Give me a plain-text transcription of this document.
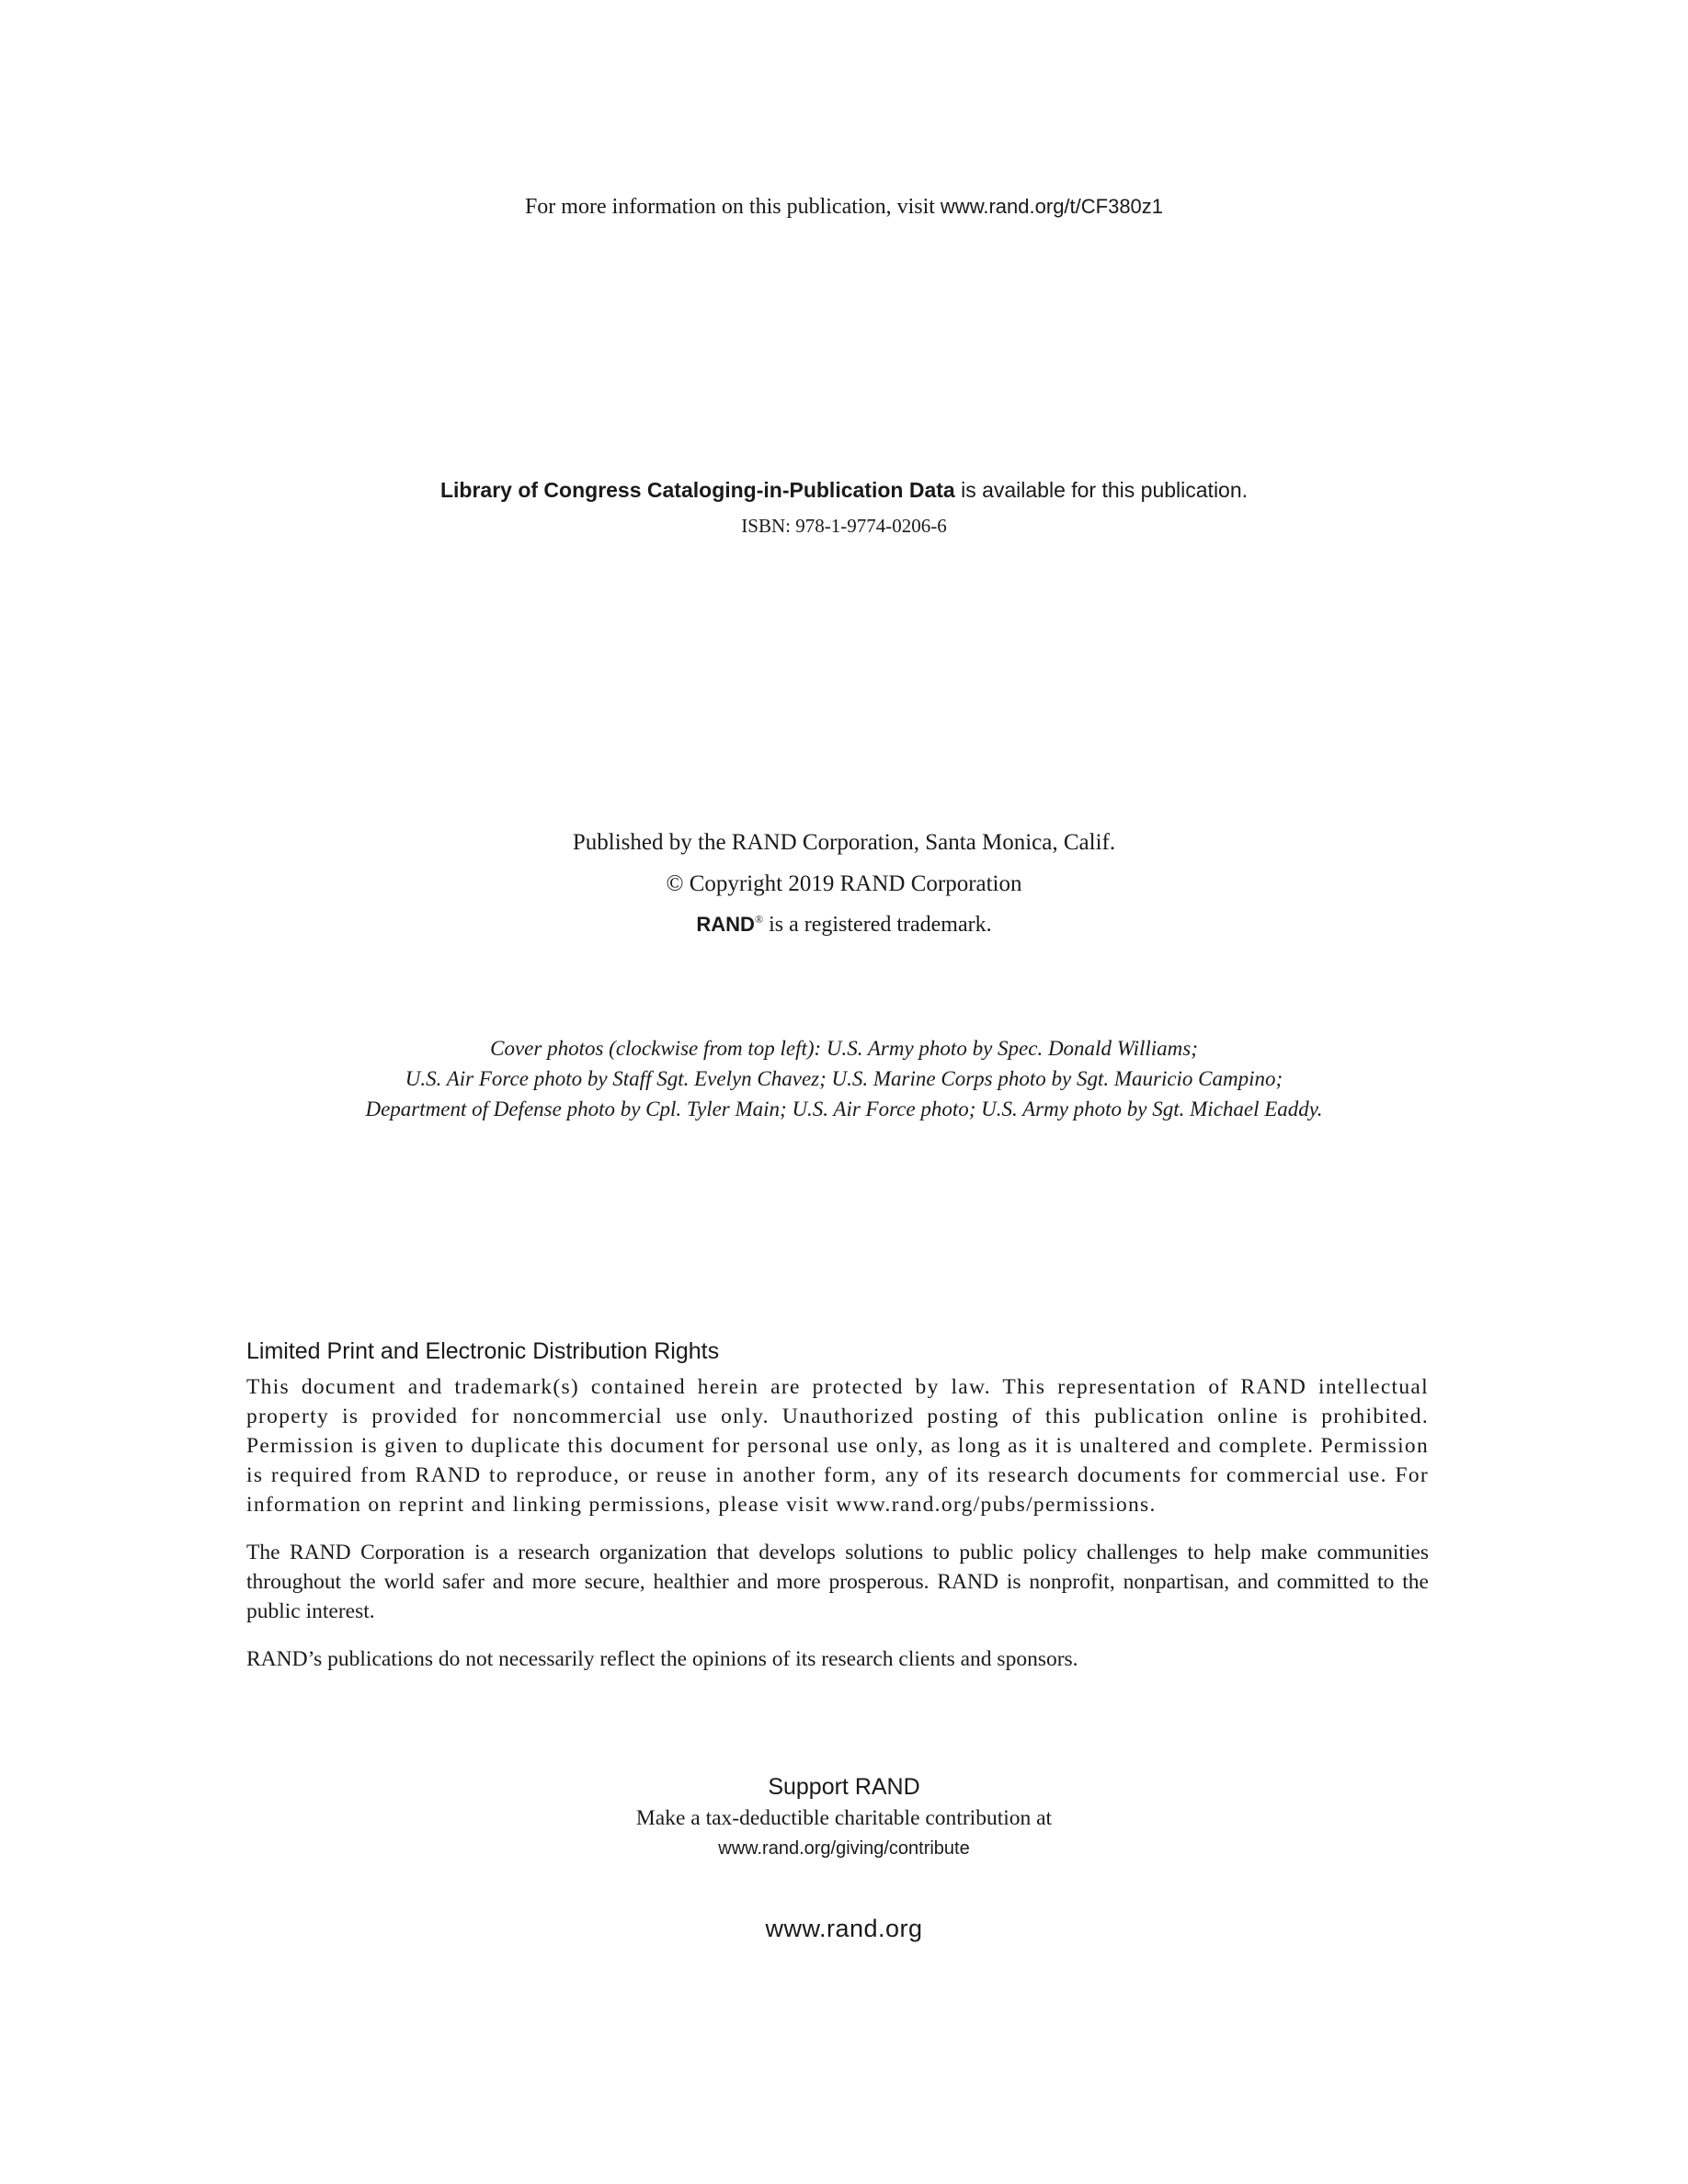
For more information on this publication, visit www.rand.org/t/CF380z1
Library of Congress Cataloging-in-Publication Data is available for this publication.
ISBN: 978-1-9774-0206-6
Published by the RAND Corporation, Santa Monica, Calif.
© Copyright 2019 RAND Corporation
RAND® is a registered trademark.
Cover photos (clockwise from top left): U.S. Army photo by Spec. Donald Williams;
U.S. Air Force photo by Staff Sgt. Evelyn Chavez; U.S. Marine Corps photo by Sgt. Mauricio Campino;
Department of Defense photo by Cpl. Tyler Main; U.S. Air Force photo; U.S. Army photo by Sgt. Michael Eaddy.
Limited Print and Electronic Distribution Rights

This document and trademark(s) contained herein are protected by law. This representation of RAND intellectual property is provided for noncommercial use only. Unauthorized posting of this publication online is prohibited. Permission is given to duplicate this document for personal use only, as long as it is unaltered and complete. Permission is required from RAND to reproduce, or reuse in another form, any of its research documents for commercial use. For information on reprint and linking permissions, please visit www.rand.org/pubs/permissions.

The RAND Corporation is a research organization that develops solutions to public policy challenges to help make communities throughout the world safer and more secure, healthier and more prosperous. RAND is nonprofit, nonpartisan, and committed to the public interest.

RAND’s publications do not necessarily reflect the opinions of its research clients and sponsors.

Support RAND
Make a tax-deductible charitable contribution at
www.rand.org/giving/contribute
www.rand.org
